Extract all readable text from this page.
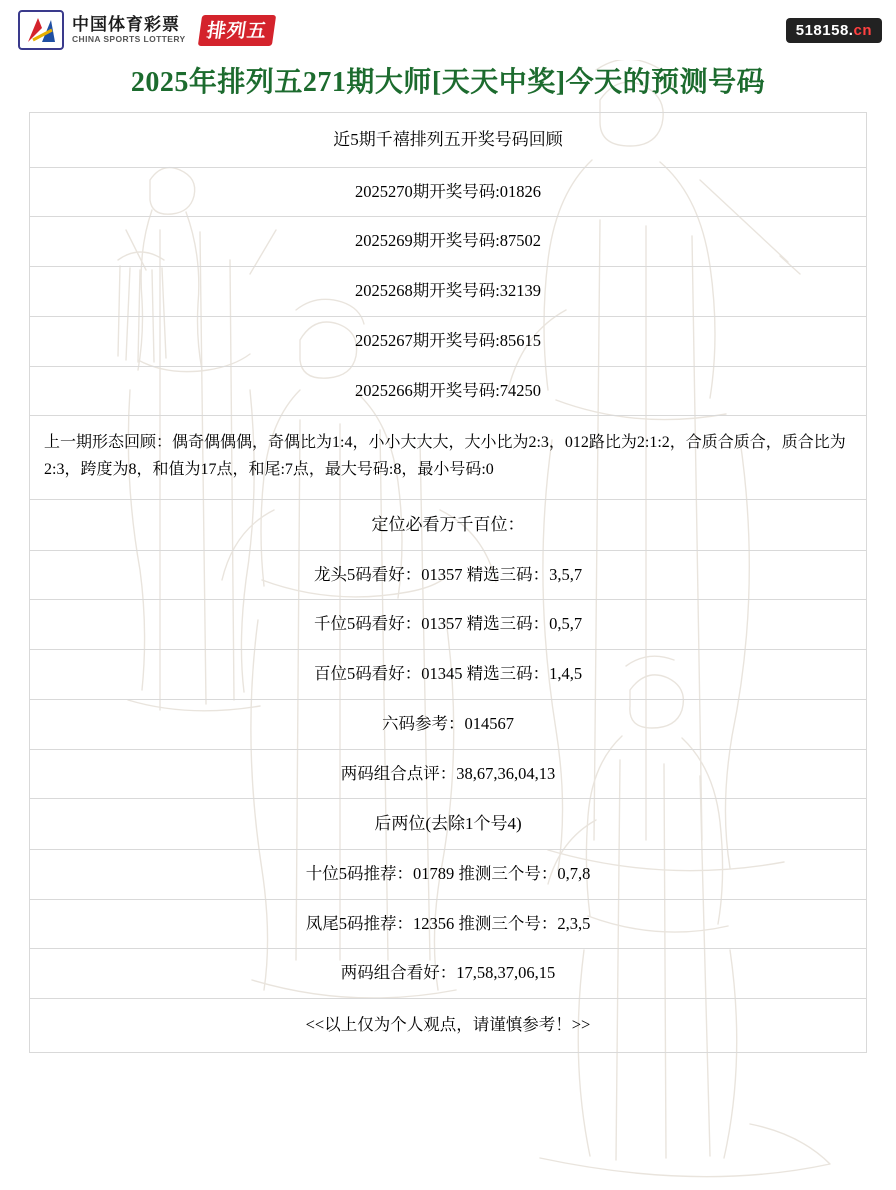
中国体育彩票
CHINA SPORTS LOTTERY	排列五	518158.cn
2025年排列五271期大师[天天中奖]今天的预测号码
近5期千禧排列五开奖号码回顾
2025270期开奖号码:01826
2025269期开奖号码:87502
2025268期开奖号码:32139
2025267期开奖号码:85615
2025266期开奖号码:74250
上一期形态回顾：偶奇偶偶偶，奇偶比为1:4，小小大大大，大小比为2:3，012路比为2:1:2，合质合质合，质合比为2:3，跨度为8，和值为17点，和尾:7点，最大号码:8，最小号码:0
定位必看万千百位：
龙头5码看好：01357 精选三码：3,5,7
千位5码看好：01357 精选三码：0,5,7
百位5码看好：01345 精选三码：1,4,5
六码参考：014567
两码组合点评：38,67,36,04,13
后两位(去除1个号4)
十位5码推荐：01789 推测三个号：0,7,8
凤尾5码推荐：12356 推测三个号：2,3,5
两码组合看好：17,58,37,06,15
<<以上仅为个人观点，请谨慎参考！>>
